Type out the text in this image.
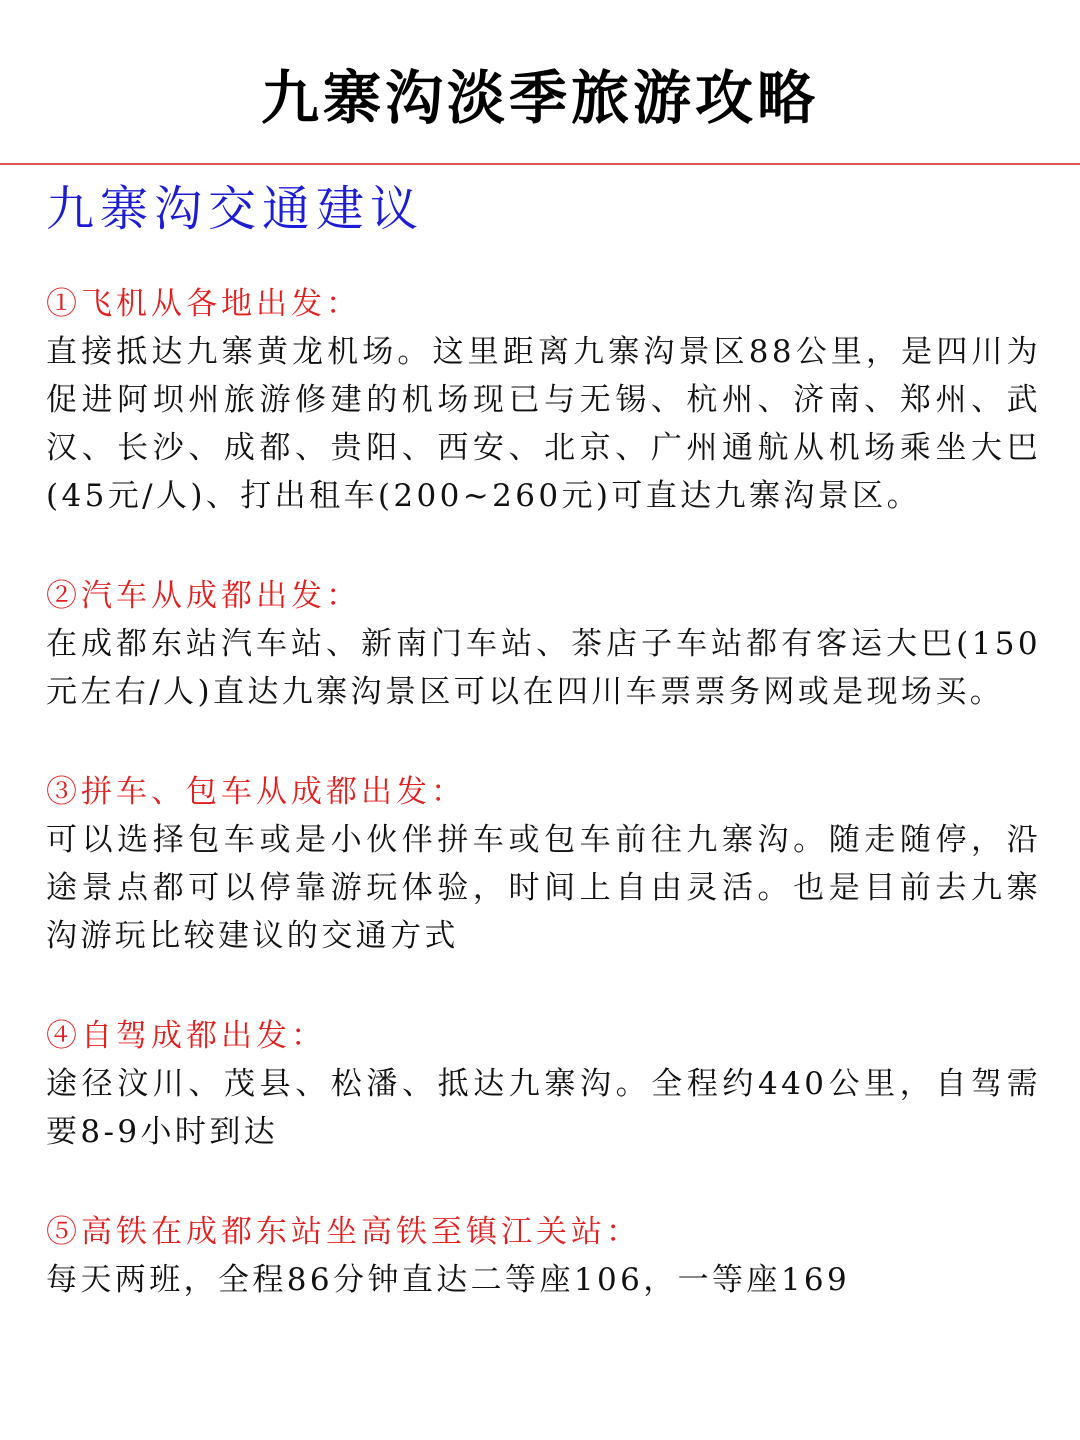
九寨沟淡季旅游攻略
九寨沟交通建议
①飞机从各地出发：
直接抵达九寨黄龙机场。这里距离九寨沟景区88公里，是四川为促进阿坝州旅游修建的机场现已与无锡、杭州、济南、郑州、武汉、长沙、成都、贵阳、西安、北京、广州通航从机场乘坐大巴(45元/人)、打出租车(200~260元)可直达九寨沟景区。
②汽车从成都出发：
在成都东站汽车站、新南门车站、茶店子车站都有客运大巴(150元左右/人)直达九寨沟景区可以在四川车票票务网或是现场买。
③拼车、包车从成都出发：
可以选择包车或是小伙伴拼车或包车前往九寨沟。随走随停，沿途景点都可以停靠游玩体验，时间上自由灵活。也是目前去九寨沟游玩比较建议的交通方式
④自驾成都出发：
途径汶川、茂县、松潘、抵达九寨沟。全程约440公里，自驾需要8-9小时到达
⑤高铁在成都东站坐高铁至镇江关站：
每天两班，全程86分钟直达二等座106，一等座169
